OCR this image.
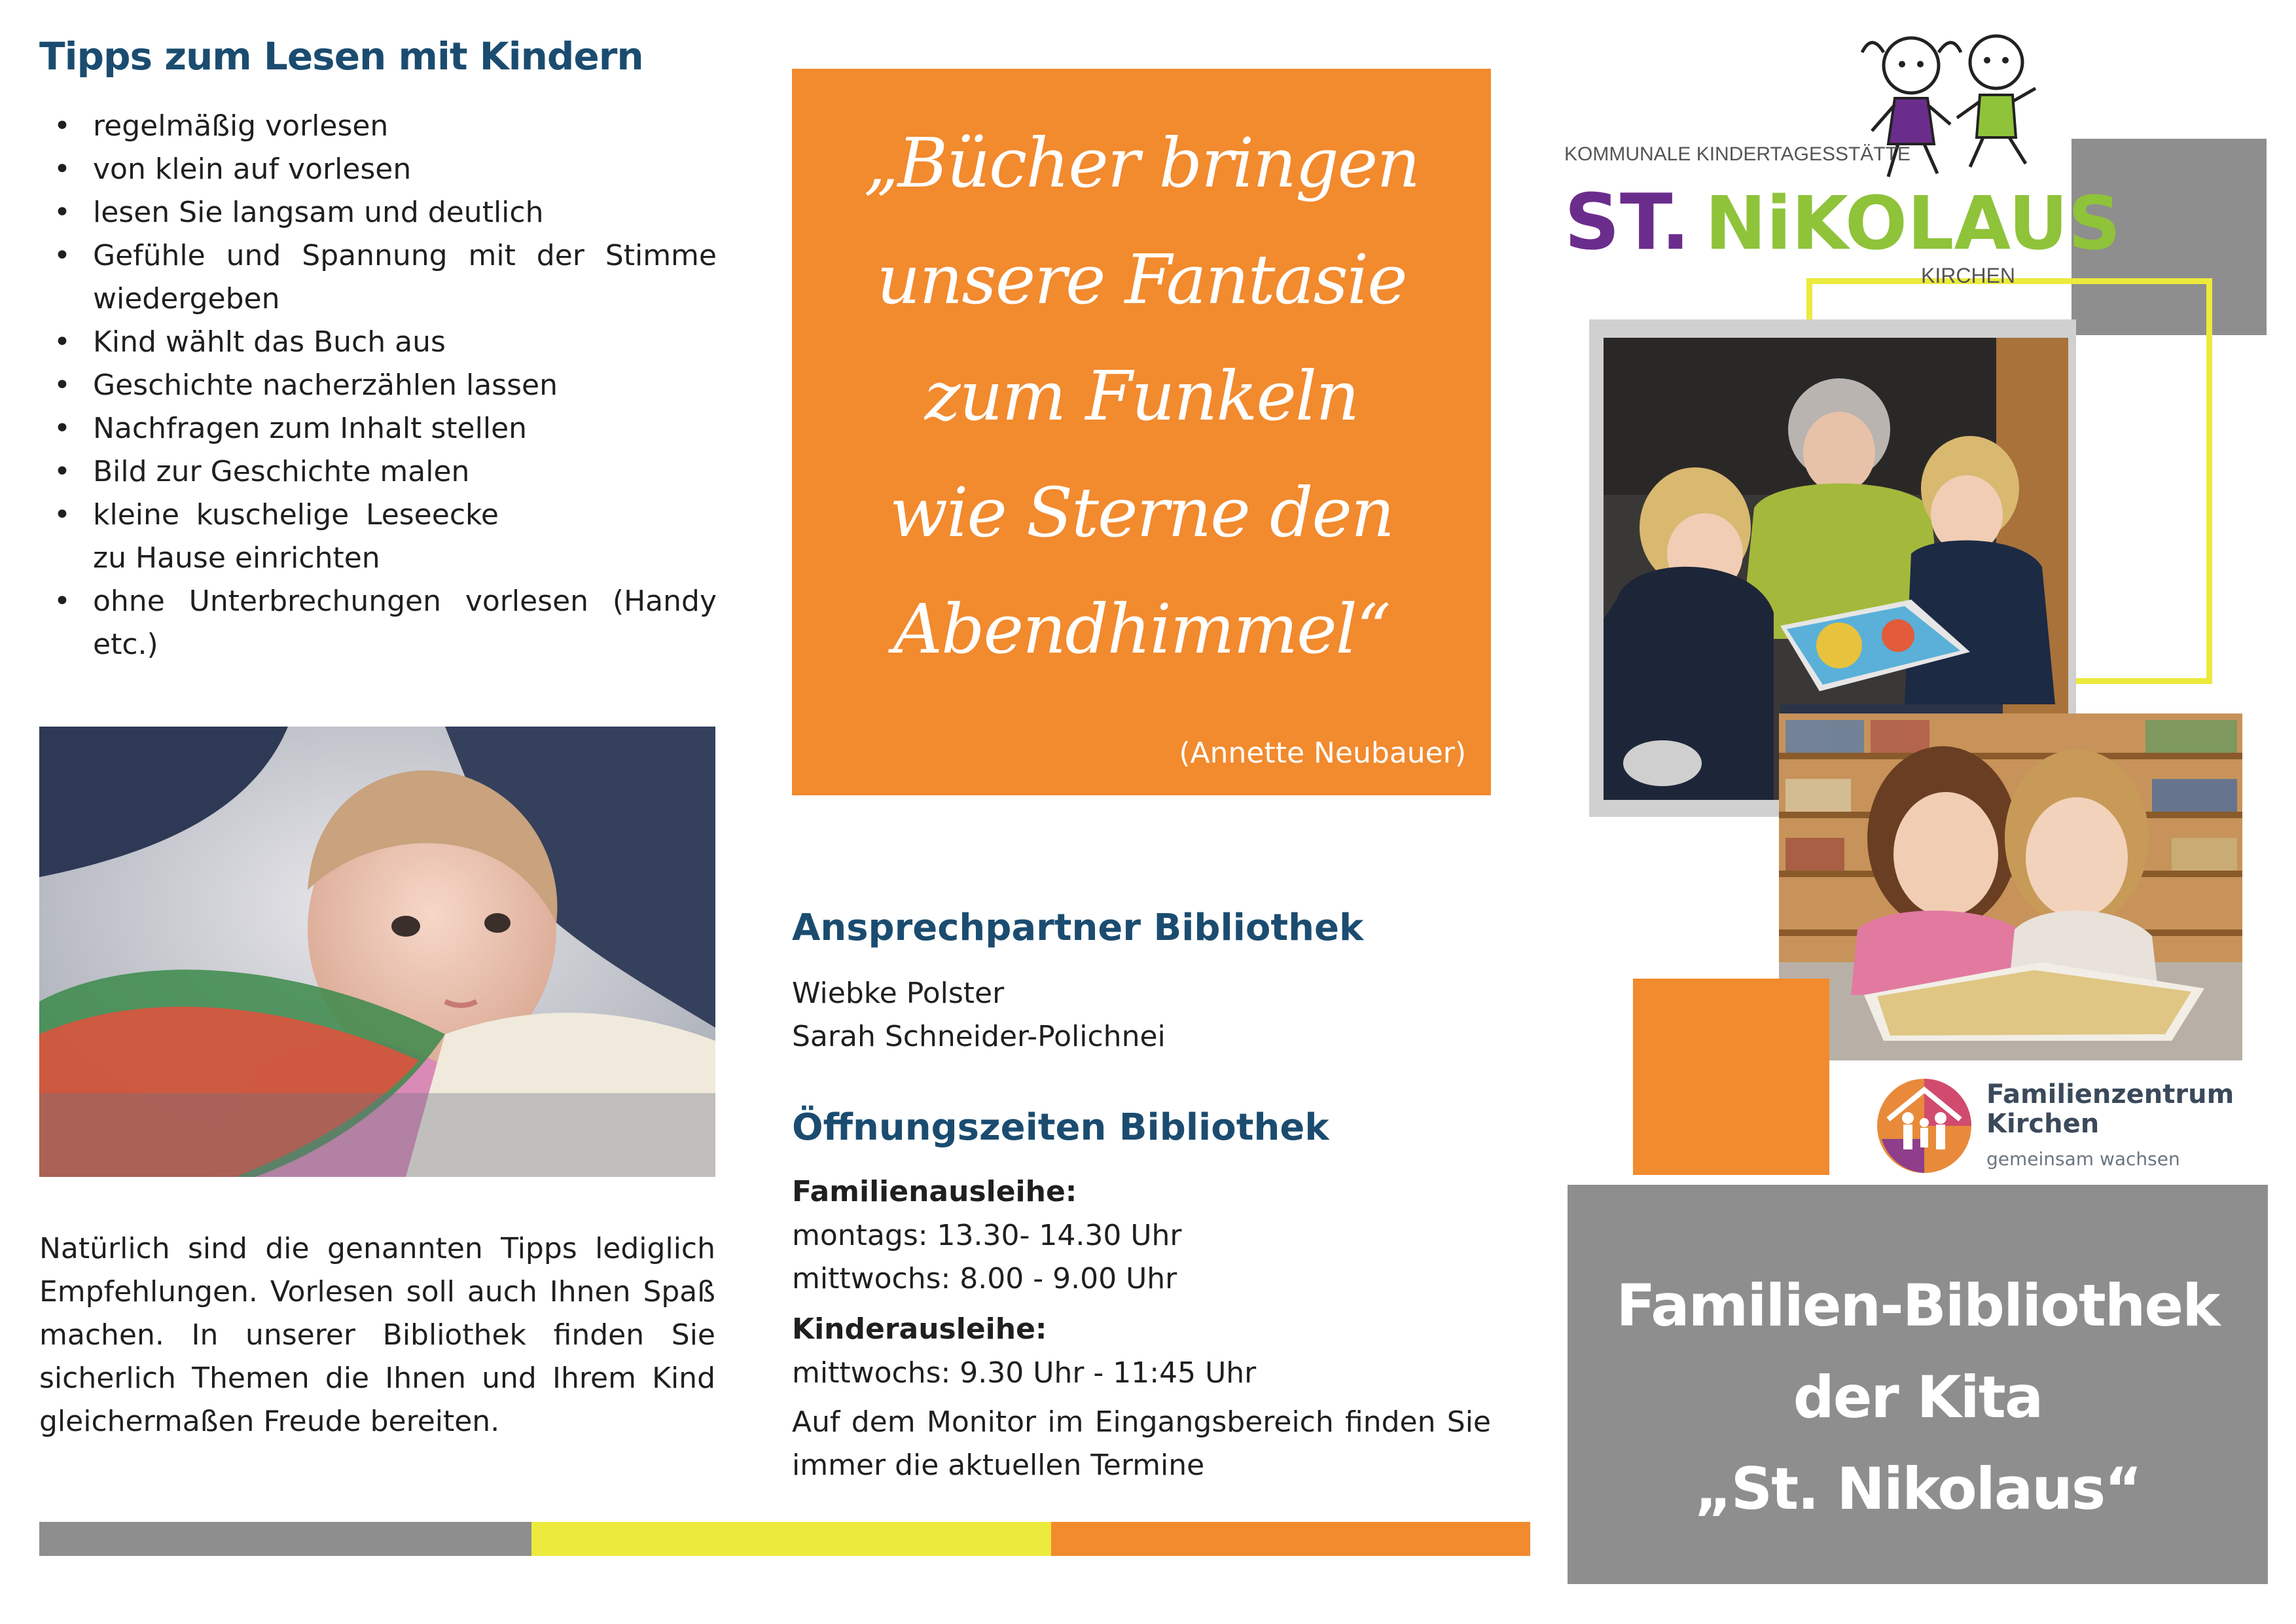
Tipps zum Lesen mit Kindern
• regelmäßig vorlesen
• von klein auf vorlesen
• lesen Sie langsam und deutlich
• Gefühle und Spannung mit der Stimme wiedergeben
• Kind wählt das Buch aus
• Geschichte nacherzählen lassen
• Nachfragen zum Inhalt stellen
• Bild zur Geschichte malen
• kleine kuschelige Leseecke zu Hause einrichten
• ohne Unterbrechungen vorlesen (Handy etc.)

Natürlich sind die genannten Tipps lediglich Empfehlungen. Vorlesen soll auch Ihnen Spaß machen. In unserer Bibliothek finden Sie sicherlich Themen die Ihnen und Ihrem Kind gleichermaßen Freude bereiten.

„Bücher bringen
unsere Fantasie
zum Funkeln
wie Sterne den
Abendhimmel“

(Annette Neubauer)
Ansprechpartner Bibliothek
Wiebke Polster
Sarah Schneider-Polichnei
Öffnungszeiten Bibliothek
Familienausleihe:
montags: 13.30- 14.30 Uhr
mittwochs: 8.00 - 9.00 Uhr
Kinderausleihe:
mittwochs: 9.30 Uhr - 11:45 Uhr

Auf dem Monitor im Eingangsbereich finden Sie immer die aktuellen Termine

KOMMUNALE KINDERTAGESSTÄTTE
ST. NiKOLAUS
KIRCHEN
Familienzentrum
Kirchen
gemeinsam wachsen
Familien-Bibliothek
der Kita
„St. Nikolaus“
